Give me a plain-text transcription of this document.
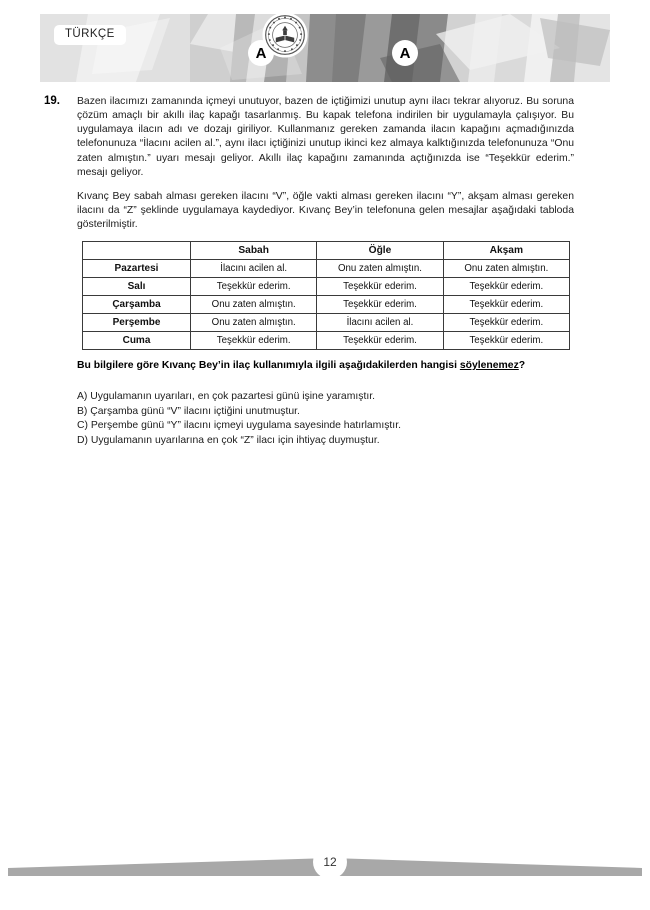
TÜRKÇE
A	A
19. Bazen ilacımızı zamanında içmeyi unutuyor, bazen de içtiğimizi unutup aynı ilacı tekrar alıyoruz. Bu soruna çözüm amaçlı bir akıllı ilaç kapağı tasarlanmış. Bu kapak telefona indirilen bir uygulamayla çalışıyor. Bu uygulamaya ilacın adı ve dozajı giriliyor. Kullanmanız gereken zamanda ilacın kapağını açmadığınızda telefonunuza “İlacını acilen al.”, aynı ilacı içtiğinizi unutup ikinci kez almaya kalktığınızda telefonunuza “Onu zaten almıştın.” uyarı mesajı geliyor. Akıllı ilaç kapağını zamanında açtığınızda ise “Teşekkür ederim.” mesajı geliyor.
Kıvanç Bey sabah alması gereken ilacını “V”, öğle vakti alması gereken ilacını “Y”, akşam alması gereken ilacını da “Z” şeklinde uygulamaya kaydediyor. Kıvanç Bey’in telefonuna gelen mesajlar aşağıdaki tabloda gösterilmiştir.
	Sabah	Öğle	Akşam
Pazartesi	İlacını acilen al.	Onu zaten almıştın.	Onu zaten almıştın.
Salı	Teşekkür ederim.	Teşekkür ederim.	Teşekkür ederim.
Çarşamba	Onu zaten almıştın.	Teşekkür ederim.	Teşekkür ederim.
Perşembe	Onu zaten almıştın.	İlacını acilen al.	Teşekkür ederim.
Cuma	Teşekkür ederim.	Teşekkür ederim.	Teşekkür ederim.
Bu bilgilere göre Kıvanç Bey’in ilaç kullanımıyla ilgili aşağıdakilerden hangisi söylenemez?
A) Uygulamanın uyarıları, en çok pazartesi günü işine yaramıştır.
B) Çarşamba günü “V” ilacını içtiğini unutmuştur.
C) Perşembe günü “Y” ilacını içmeyi uygulama sayesinde hatırlamıştır.
D) Uygulamanın uyarılarına en çok “Z” ilacı için ihtiyaç duymuştur.
12
